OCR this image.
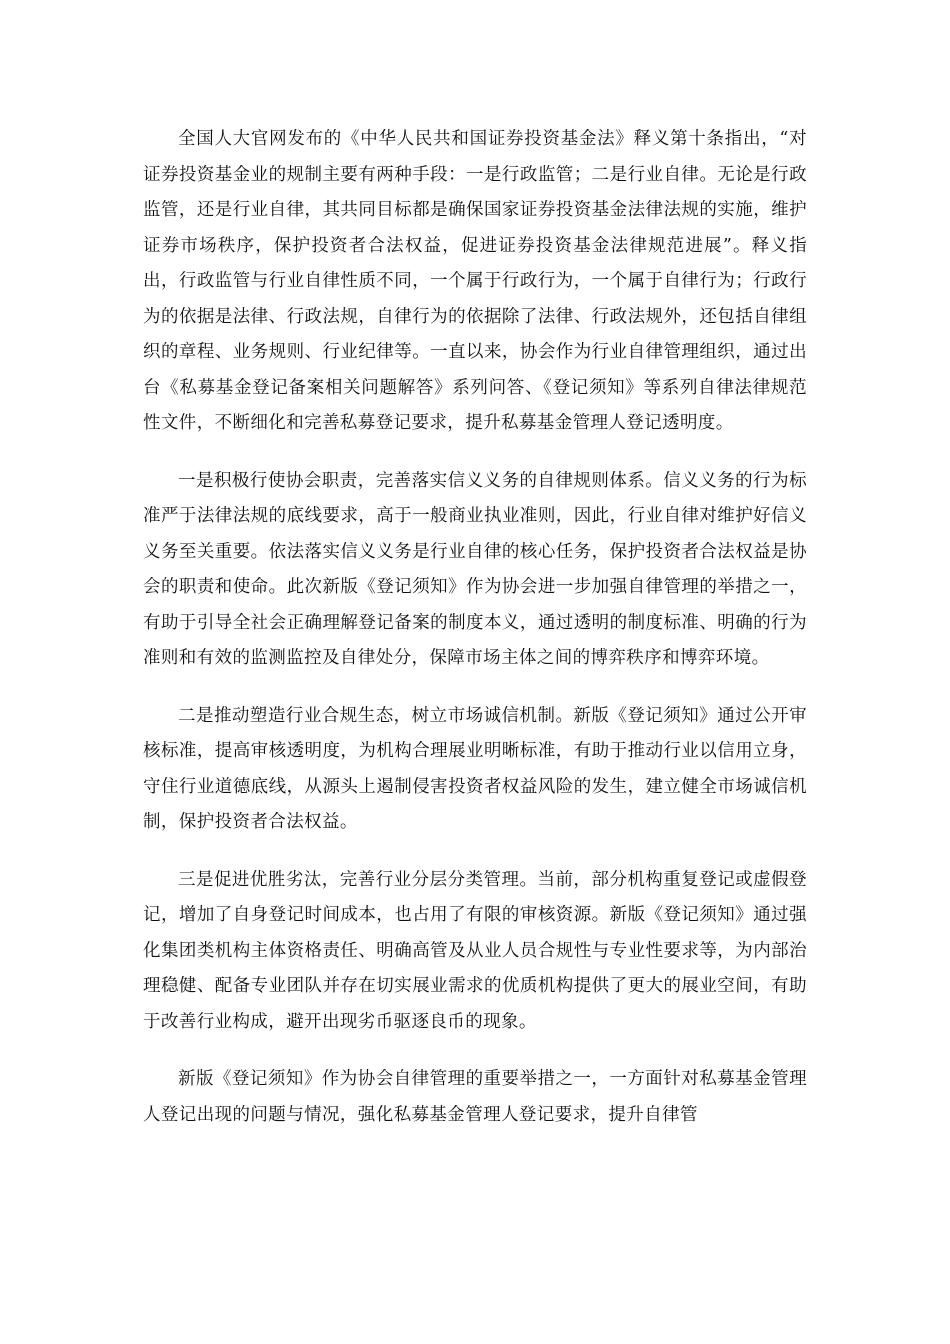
全国人大官网发布的《中华人民共和国证券投资基金法》释义第十条指出，“对证券投资基金业的规制主要有两种手段：一是行政监管；二是行业自律。无论是行政监管，还是行业自律，其共同目标都是确保国家证券投资基金法律法规的实施，维护证券市场秩序，保护投资者合法权益，促进证券投资基金法律规范进展”。释义指出，行政监管与行业自律性质不同，一个属于行政行为，一个属于自律行为；行政行为的依据是法律、行政法规，自律行为的依据除了法律、行政法规外，还包括自律组织的章程、业务规则、行业纪律等。一直以来，协会作为行业自律管理组织，通过出台《私募基金登记备案相关问题解答》系列问答、《登记须知》等系列自律法律规范性文件，不断细化和完善私募登记要求，提升私募基金管理人登记透明度。

一是积极行使协会职责，完善落实信义义务的自律规则体系。信义义务的行为标准严于法律法规的底线要求，高于一般商业执业准则，因此，行业自律对维护好信义义务至关重要。依法落实信义义务是行业自律的核心任务，保护投资者合法权益是协会的职责和使命。此次新版《登记须知》作为协会进一步加强自律管理的举措之一，有助于引导全社会正确理解登记备案的制度本义，通过透明的制度标准、明确的行为准则和有效的监测监控及自律处分，保障市场主体之间的博弈秩序和博弈环境。

二是推动塑造行业合规生态，树立市场诚信机制。新版《登记须知》通过公开审核标准，提高审核透明度，为机构合理展业明晰标准，有助于推动行业以信用立身，守住行业道德底线，从源头上遏制侵害投资者权益风险的发生，建立健全市场诚信机制，保护投资者合法权益。

三是促进优胜劣汰，完善行业分层分类管理。当前，部分机构重复登记或虚假登记，增加了自身登记时间成本，也占用了有限的审核资源。新版《登记须知》通过强化集团类机构主体资格责任、明确高管及从业人员合规性与专业性要求等，为内部治理稳健、配备专业团队并存在切实展业需求的优质机构提供了更大的展业空间，有助于改善行业构成，避开出现劣币驱逐良币的现象。

新版《登记须知》作为协会自律管理的重要举措之一，一方面针对私募基金管理人登记出现的问题与情况，强化私募基金管理人登记要求，提升自律管
